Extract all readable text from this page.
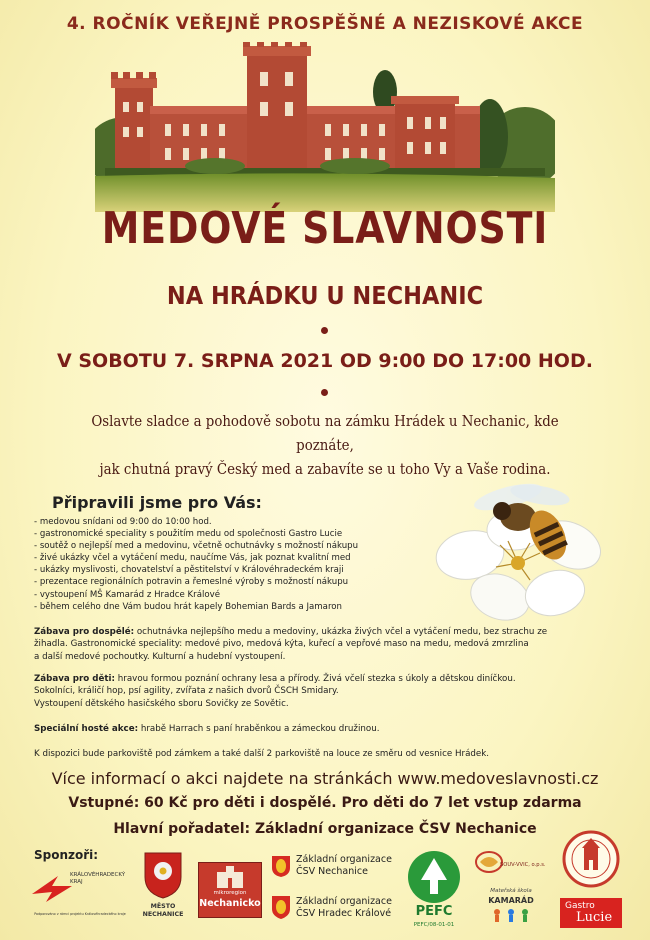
4. ROČNÍK VEŘEJNĚ PROSPĚŠNÉ A NEZISKOVÉ AKCE
MEDOVÉ SLAVNOSTI
NA HRÁDKU U NECHANIC
V SOBOTU 7. SRPNA 2021 OD 9:00 DO 17:00 HOD.
Oslavte sladce a pohodově sobotu na zámku Hrádek u Nechanic, kde poznáte,
jak chutná pravý Český med a zabavíte se u toho Vy a Vaše rodina.
Připravili jsme pro Vás:
- medovou snídani od 9:00 do 10:00 hod.
- gastronomické speciality s použitím medu od společnosti Gastro Lucie
- soutěž o nejlepší med a medovinu, včetně ochutnávky s možností nákupu
- živé ukázky včel a vytáčení medu, naučíme Vás, jak poznat kvalitní med
- ukázky myslivosti, chovatelství a pěstitelství v Královéhradeckém kraji
- prezentace regionálních potravin a řemeslné výroby s možností nákupu
- vystoupení MŠ Kamarád z Hradce Králové
- během celého dne Vám budou hrát kapely Bohemian Bards a Jamaron
Zábava pro dospělé: ochutnávka nejlepšího medu a medoviny, ukázka živých včel a vytáčení medu, bez strachu ze
žihadla. Gastronomické speciality: medové pivo, medová kýta, kuřecí a vepřové maso na medu, medová zmrzlina
a další medové pochoutky. Kulturní a hudební vystoupení.
Zábava pro děti: hravou formou poznání ochrany lesa a přírody. Živá včelí stezka s úkoly a dětskou diníčkou.
Sokolníci, králičí hop, psí agility, zvířata z našich dvorů ČSCH Smidary.
Vystoupení dětského hasičského sboru Sovičky ze Sovětic.
Speciální hosté akce: hrabě Harrach s paní hraběnkou a zámeckou družinou.
K dispozici bude parkoviště pod zámkem a také další 2 parkoviště na louce ze směru od vesnice Hrádek.
Více informací o akci najdete na stránkách www.medoveslavnosti.cz
Vstupné: 60 Kč pro děti i dospělé. Pro děti do 7 let vstup zdarma
Hlavní pořadatel: Základní organizace ČSV Nechanice
Sponzoři:
KRÁLOVÉHRADECKÝ KRAJ
Podporováno v rámci projektu Královéhradeckého kraje
MĚSTO NECHANICE
mikroregion
Nechanicko
Základní organizace
ČSV Nechanice
Základní organizace
ČSV Hradec Králové	PEFC
PEFC/08-01-01
SOUV-VVIC, o.p.s.
Mateřská škola
KAMARÁD
Gastro
Lucie
